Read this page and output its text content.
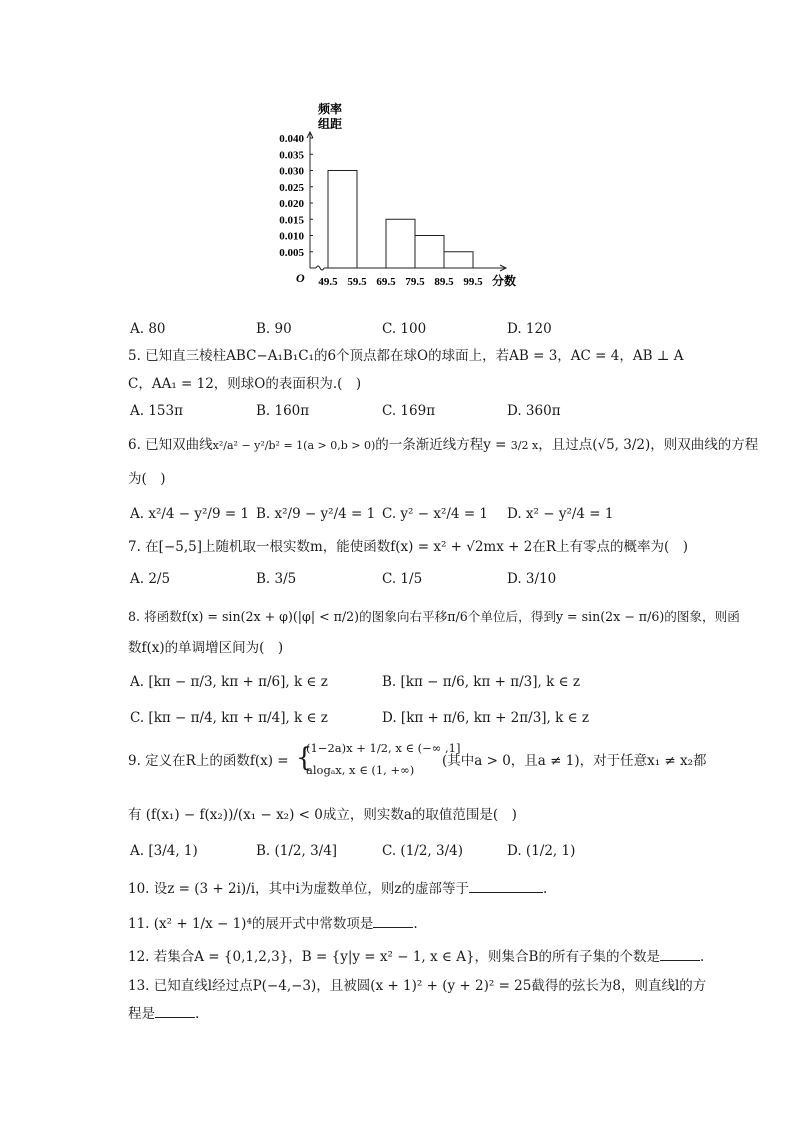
频率
组距
0.005
0.010
0.015
0.020
0.025
0.030
0.035
0.040
49.5 59.5 69.5 79.5 89.5 99.5
O	分数
A. 80	B. 90	C. 100	D. 120
5. 已知直三棱柱ABC−A₁B₁C₁的6个顶点都在球O的球面上，若AB = 3，AC = 4，AB ⊥ A
C，AA₁ = 12，则球O的表面积为.(　)
A. 153π	B. 160π	C. 169π	D. 360π
6. 已知双曲线x²/a² − y²/b² = 1(a > 0,b > 0)的一条渐近线方程y = 3/2 x，且过点(√5, 3/2)，则双曲线的方程
为(　)
A. x²/4 − y²/9 = 1 B. x²/9 − y²/4 = 1 C. y² − x²/4 = 1 D. x² − y²/4 = 1
7. 在[−5,5]上随机取一根实数m，能使函数f(x) = x² + √2mx + 2在R上有零点的概率为(　)
A. 2/5	B. 3/5	C. 1/5	D. 3/10
8. 将函数f(x) = sin(2x + φ)(|φ| < π/2)的图象向右平移π/6个单位后，得到y = sin(2x − π/6)的图象，则函
数f(x)的单调增区间为(　)
A. [kπ − π/3, kπ + π/6], k ∈ z	B. [kπ − π/6, kπ + π/3], k ∈ z
C. [kπ − π/4, kπ + π/4], k ∈ z	D. [kπ + π/6, kπ + 2π/3], k ∈ z
9. 定义在R上的函数f(x) = {
(1−2a)x + 1/2, x ∈ (−∞ ,1]
alogₐx, x ∈ (1, +∞)
(其中a > 0，且a ≠ 1)，对于任意x₁ ≠ x₂都
有 (f(x₁) − f(x₂))/(x₁ − x₂) < 0成立，则实数a的取值范围是(　)
A. [3/4, 1)	B. (1/2, 3/4]	C. (1/2, 3/4)	D. (1/2, 1)
10. 设z = (3 + 2i)/i，其中i为虚数单位，则z的虚部等于	.
11. (x² + 1/x − 1)⁴的展开式中常数项是	.
12. 若集合A = {0,1,2,3}，B = {y|y = x² − 1, x ∈ A}，则集合B的所有子集的个数是	.
13. 已知直线l经过点P(−4,−3)，且被圆(x + 1)² + (y + 2)² = 25截得的弦长为8，则直线l的方
程是	.
